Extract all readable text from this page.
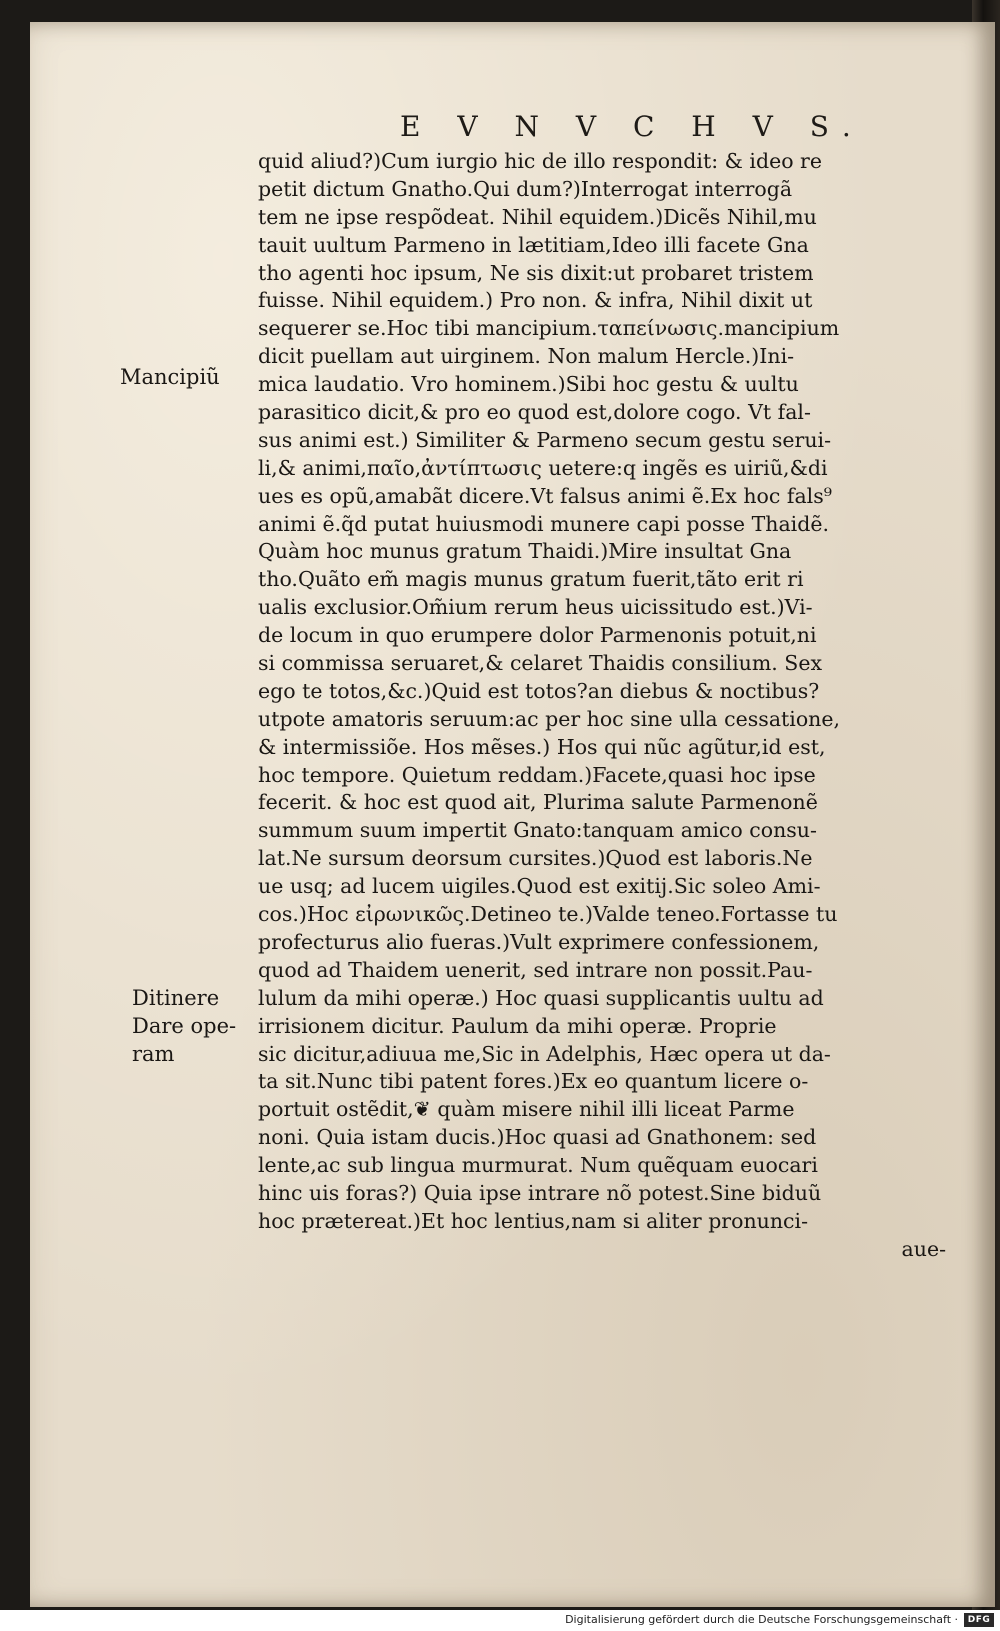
E V N V C H V S.
Mancipiũ
Ditinere
Dare ope-
ram
quid aliud?)Cum iurgio hic de illo respondit: & ideo re
petit dictum Gnatho.Qui dum?)Interrogat interrogã
tem ne ipse respõdeat. Nihil equidem.)Dicẽs Nihil,mu
tauit uultum Parmeno in lætitiam,Ideo illi facete Gna
tho agenti hoc ipsum, Ne sis dixit:ut probaret tristem
fuisse. Nihil equidem.) Pro non. & infra, Nihil dixit ut
sequerer se.Hoc tibi mancipium.ταπείνωσις.mancipium
dicit puellam aut uirginem. Non malum Hercle.)Ini-
mica laudatio. Vro hominem.)Sibi hoc gestu & uultu
parasitico dicit,& pro eo quod est,dolore cogo. Vt fal-
sus animi est.) Similiter & Parmeno secum gestu serui-
li,& animi,παῖο,ἀντίπτωσις uetere:q ingẽs es uiriũ,&di
ues es opũ,amabãt dicere.Vt falsus animi ẽ.Ex hoc fals⁹
animi ẽ.q̃d putat huiusmodi munere capi posse Thaidẽ.
Quàm hoc munus gratum Thaidi.)Mire insultat Gna
tho.Quãto em̃ magis munus gratum fuerit,tãto erit ri
ualis exclusior.Om̃ium rerum heus uicissitudo est.)Vi-
de locum in quo erumpere dolor Parmenonis potuit,ni
si commissa seruaret,& celaret Thaidis consilium. Sex
ego te totos,&c.)Quid est totos?an diebus & noctibus?
utpote amatoris seruum:ac per hoc sine ulla cessatione,
& intermissiõe. Hos mẽses.) Hos qui nũc agũtur,id est,
hoc tempore. Quietum reddam.)Facete,quasi hoc ipse
fecerit. & hoc est quod ait, Plurima salute Parmenonẽ
summum suum impertit Gnato:tanquam amico consu-
lat.Ne sursum deorsum cursites.)Quod est laboris.Ne
ue usq; ad lucem uigiles.Quod est exitij.Sic soleo Ami-
cos.)Hoc εἰρωνικῶς.Detineo te.)Valde teneo.Fortasse tu
profecturus alio fueras.)Vult exprimere confessionem,
quod ad Thaidem uenerit, sed intrare non possit.Pau-
lulum da mihi operæ.) Hoc quasi supplicantis uultu ad
irrisionem dicitur. Paulum da mihi operæ. Proprie
sic dicitur,adiuua me,Sic in Adelphis, Hæc opera ut da-
ta sit.Nunc tibi patent fores.)Ex eo quantum licere o-
portuit ostẽdit,❦ quàm misere nihil illi liceat Parme
noni. Quia istam ducis.)Hoc quasi ad Gnathonem: sed
lente,ac sub lingua murmurat. Num quẽquam euocari
hinc uis foras?) Quia ipse intrare nõ potest.Sine biduũ
hoc prætereat.)Et hoc lentius,nam si aliter pronunci-
aue-
Digitalisierung gefördert durch die Deutsche Forschungsgemeinschaft ·	DFG
